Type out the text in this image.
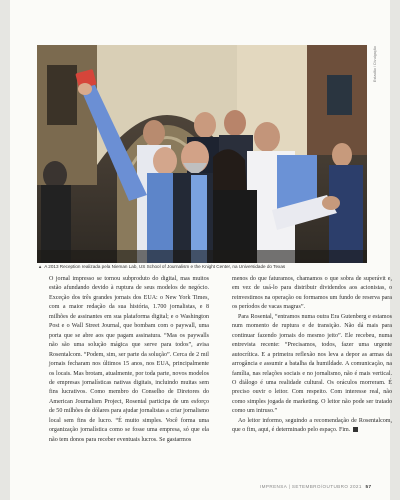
Estadão / Divulgação
▲ A 2013 Reception realizada pela Nieman Lab, US School of Journalism e the Knight Center, na Universidade do Texas

O jornal impresso se tornou subproduto do digital, mas muitos estão afundando devido à ruptura de seus modelos de negócio. Exceção dos três grandes jornais dos EUA: o New York Times, com a maior redação da sua história, 1.700 jornalistas, e 8 milhões de assinantes em sua plataforma digital; e o Washington Post e o Wall Street Journal, que bombam com o paywall, uma porta que se abre aos que pagam assinatura. “Mas os paywalls não são uma solução mágica que serve para todos”, avisa Rosentalcom. “Podem, sim, ser parte da solução”. Cerca de 2 mil jornais fecharam nos últimos 15 anos, nos EUA, principalmente os locais. Mas brotam, atualmente, por toda parte, novos modelos de empresas jornalísticas nativas digitais, incluindo muitas sem fins lucrativos. Como membro do Conselho de Diretores do American Journalism Project, Rosental participa de um esforço de 50 milhões de dólares para ajudar jornalistas a criar jornalismo local sem fins de lucro. “É muito simples. Você forma uma organização jornalística como se fosse uma empresa, só que ela não tem donos para receber eventuais lucros. Se gastarmos

menos do que faturamos, chamamos o que sobra de superávit e, em vez de usá-lo para distribuir dividendos aos acionistas, o reinvestimos na operação ou formamos um fundo de reserva para os períodos de vacas magras”.

Para Rosental, “entramos numa outra Era Gutenberg e estamos num momento de ruptura e de transição. Não dá mais para continuar fazendo jornais do mesmo jeito”. Ele recebeu, numa entrevista recente: “Precisamos, todos, fazer uma urgente autocrítica. E a primeira reflexão nos leva a depor as armas da arrogância e assumir a batalha da humildade. A comunicação, na família, nas relações sociais e no jornalismo, não é mais vertical. O diálogo é uma realidade cultural. Os oráculos morreram. É preciso ouvir o leitor. Com respeito. Com interesse real, não como simples jogada de marketing. O leitor não pode ser tratado como um intruso.”

Ao leitor informo, seguindo a recomendação de Rosentalcom, que o fim, aqui, é determinado pelo espaço. Fim.

IMPRENSA | SETEMBRO/OUTUBRO 2021 57
